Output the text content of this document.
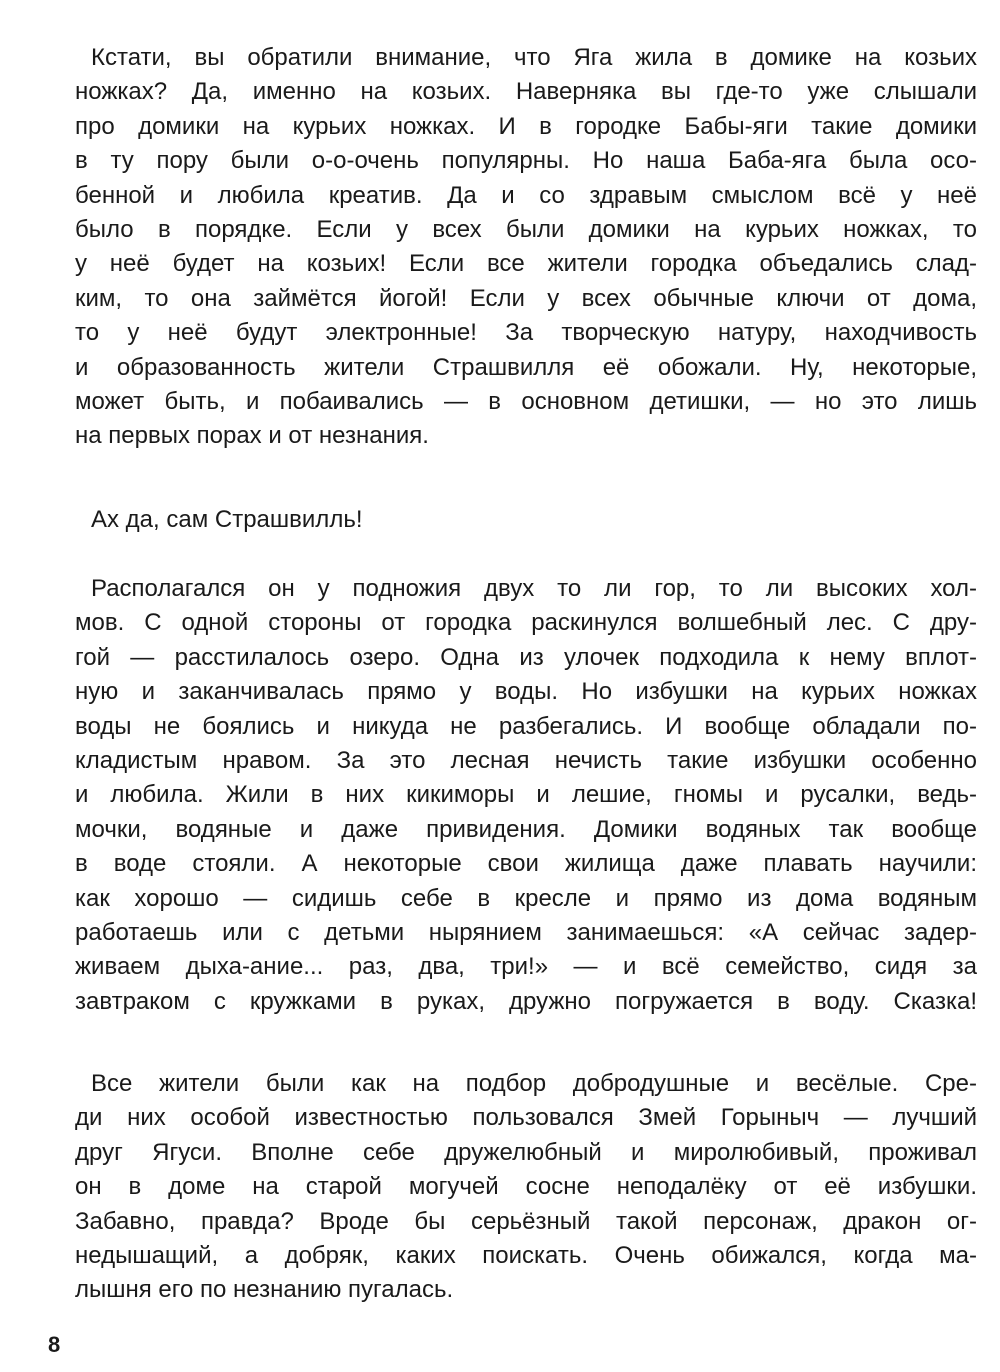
Кстати, вы обратили внимание, что Яга жила в домике на козьих
ножках? Да, именно на козьих. Наверняка вы где-то уже слышали
про домики на курьих ножках. И в городке Бабы-яги такие домики
в ту пору были о-о-очень популярны. Но наша Баба-яга была осо-
бенной и любила креатив. Да и со здравым смыслом всё у неё
было в порядке. Если у всех были домики на курьих ножках, то
у неё будет на козьих! Если все жители городка объедались слад-
ким, то она займётся йогой! Если у всех обычные ключи от дома,
то у неё будут электронные! За творческую натуру, находчивость
и образованность жители Страшвилля её обожали. Ну, некоторые,
может быть, и побаивались — в основном детишки, — но это лишь
на первых порах и от незнания.
Ах да, сам Страшвилль!
Располагался он у подножия двух то ли гор, то ли высоких хол-
мов. С одной стороны от городка раскинулся волшебный лес. С дру-
гой — расстилалось озеро. Одна из улочек подходила к нему вплот-
ную и заканчивалась прямо у воды. Но избушки на курьих ножках
воды не боялись и никуда не разбегались. И вообще обладали по-
кладистым нравом. За это лесная нечисть такие избушки особенно
и любила. Жили в них кикиморы и лешие, гномы и русалки, ведь-
мочки, водяные и даже привидения. Домики водяных так вообще
в воде стояли. А некоторые свои жилища даже плавать научили:
как хорошо — сидишь себе в кресле и прямо из дома водяным
работаешь или с детьми нырянием занимаешься: «А сейчас задер-
живаем дыха-ание... раз, два, три!» — и всё семейство, сидя за
завтраком с кружками в руках, дружно погружается в воду. Сказка!
Все жители были как на подбор добродушные и весёлые. Сре-
ди них особой известностью пользовался Змей Горыныч — лучший
друг Ягуси. Вполне себе дружелюбный и миролюбивый, проживал
он в доме на старой могучей сосне неподалёку от её избушки.
Забавно, правда? Вроде бы серьёзный такой персонаж, дракон ог-
недышащий, а добряк, каких поискать. Очень обижался, когда ма-
лышня его по незнанию пугалась.
8
